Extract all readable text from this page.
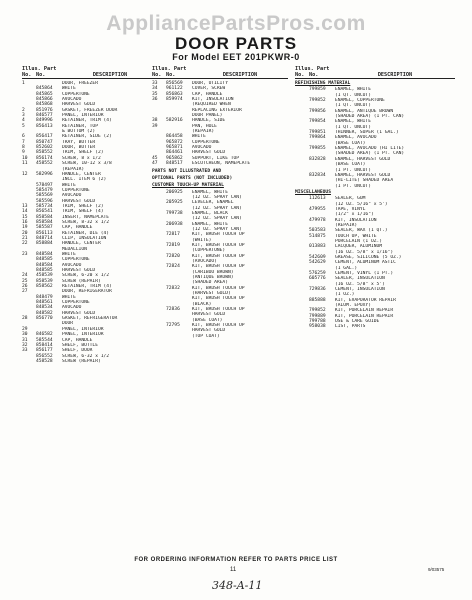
AppliancePartsPros.com
DOOR PARTS
For Model EET 201PKWR-0
Illus. Part
No. No.	DESCRIPTION
1	DOOR, FREEZER
845864	WHITE
845865	COPPERTONE
845866	AVOCADO
845868	HARVEST GOLD
2	851976	GASKET, FREEZER DOOR
3	846577	PANEL, INTERIOR
4	849996	RETAINER, TRIM (4)
5	856413	RETAINER, TOP
& BOTTOM (2)
6	856417	RETAINER, SIDE (2)
7	850747	TRAY, BUTTER
8	852602	DOOR, BUTTER
9	858552	TRIM, SHELF (2)
10	856174	SCREW, 8 x 1/2
11	458552	SCREW, 10-12 x 3/8
(REPAIR)
12	582996	HANDLE, CENTER
INCL. ITEM 6 (2)
578497	WHITE
585479	COPPERTONE
585569	AVOCADO
585596	HARVEST GOLD
13	585734	TRIM, SHELF (2)
14	856541	TRIM, SHELF (4)
15	858584	INSERT, NAMEPLATE
16	858584	SCREW, 8-32 x 1/2
19	585587	CAP, HANDLE
20	856113	RETAINER, DIE (4)
21	848714	CLIP, INSULATION
22	858884	HANDLE, CENTER
MEDALLION
23	848584	WHITE
848585	COPPERTONE
848584	AVOCADO
848585	HARVEST GOLD
24	458539	SCREW, 6-20 x 1/2
25	858539	SCREW (REPAIR)
26	858562	RETAINER, TRIM (4)
27	DOOR, REFRIGERATOR
848479	WHITE
848561	COPPERTONE
848534	AVOCADO
848582	HARVEST GOLD
28	856770	GASKET, REFRIGERATOR
DOOR
29	PANEL, INTERIOR
30	846582	PANEL, INTERIOR
31	585544	CAP, HANDLE
32	858414	SHELF, BOTTLE
33	856177	SHELF, DOOR
856552	SCREW, 6-32 x 1/2
458528	SCREW (REPAIR)
Illus. Part
No. No.	DESCRIPTION
33	856569	DOOR, UTILITY
34	961122	COVER, SCREW
35	856863	CAP, HANDLE
36	859974	KIT, INSULATION
(REQUIRED WHEN
REPLACING EXTERIOR
DOOR PANEL)
38	582916	HANDLE, SIDE
39	PAN, HOLE
(REPAIR)
864458	WHITE
965872	COPPERTONE
965871	AVOCADO
864461	HARVEST GOLD
45	965862	SUPPORT, LIKE TOP
47	848517	ESCUTCHEON, NAMEPLATE
PARTS NOT ILLUSTRATED AND
OPTIONAL PARTS (NOT INCLUDED)
CUSTOMER TOUCH-UP MATERIAL
206925	ENAMEL, WHITE
(12 OZ. SPRAY CAN)
205925	LEVELER, ENAMEL
(12 OZ. SPRAY CAN)
799738	ENAMEL, BLACK
(12 OZ. SPRAY CAN)
206938	ENAMEL, WHITE
(12 OZ. SPRAY CAN)
72817	KIT, BRUSH TOUCH UP
(WHITE)
72819	KIT, BRUSH TOUCH UP
(COPPERTONE)
72820	KIT, BRUSH TOUCH UP
(AVOCADO)
72824	KIT, BRUSH TOUCH UP
(CARIBOU BROWN)
(ANTIQUE BROWN)
(SHADED AREA)
72832	KIT, BRUSH TOUCH UP
(HARVEST GOLD)
KIT, BRUSH TOUCH UP
(BLACK)
72836	KIT, BRUSH TOUCH UP
HARVEST GOLD
(BASE COAT)
72795	KIT, BRUSH TOUCH UP
HARVEST GOLD
(TOP COAT)
Illus. Part
No. No.	DESCRIPTION
REFINISHING MATERIAL
799859	ENAMEL, WHITE
(1 QT. UNCUT)
799852	ENAMEL, COPPERTONE
(1 QT. UNCUT)
799856	ENAMEL, ANTIQUE BROWN
(SHADED AREA) (1 PT. CAN)
799854	ENAMEL, WHITE
(1 QT. UNCUT)
799851	THINNER, SUPER (1 GAL.)
799864	ENAMEL, AVOCADO
(BASE COAT)
799855	ENAMEL, AVOCADO (HI LITE)
(SHADED AREA) (1 PT. CAN)
832828	ENAMEL, HARVEST GOLD
(BASE COAT)
(1 PT. UNCUT)
832834	ENAMEL, HARVEST GOLD
(HI-LITE) SHADED AREA
(1 PT. UNCUT)
MISCELLANEOUS
112613	SEALER, GUM
(12 OZ. 5/16" x 5')
479955	TAPE, VINYL
(1/2" x 1/16")
479978	KIT, INSULATION
(REPAIR)
503583	SEALER, WAX (1 QT.)
514875	TOUCH UP, WHITE
PORCELAIN (1 OZ.)
013883	LACQUER, ALUMINUM
(16 OZ. 5/8" x 1/16")
542609	GREASE, SILICONE (5 OZ.)
542629	CEMENT, ALUMINUM ASTIC
(1 GAL.)
576259	CEMENT, VINYL (1 PT.)
605776	SEALER, INSULATION
(16 OZ. 5/8" x 5')
729836	CEMENT, INSULATION
(1 OZ.)
885888	KIT, EVAPORATOR REPAIR
(ALUM. EPOXY)
799852	KIT, PORCELAIN REPAIR
799889	KIT, PORCELAIN REPAIR
799788	USE & CARE GUIDE
958038	LIST, PARTS
FOR ORDERING INFORMATION REFER TO PARTS PRICE LIST
11	9/03575
348-A-11
